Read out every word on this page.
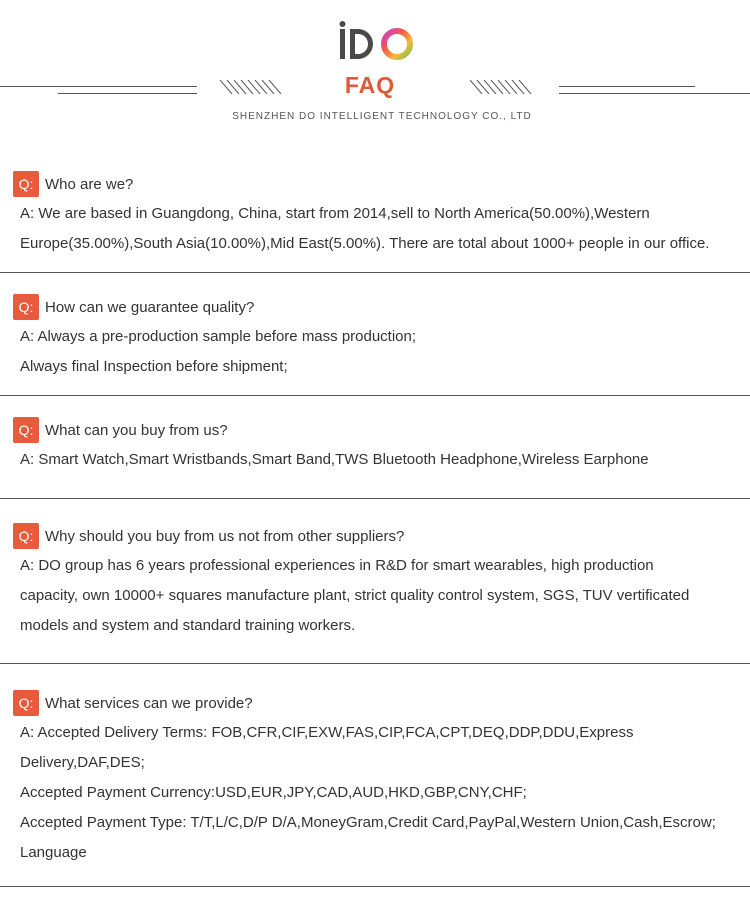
FAQ
SHENZHEN DO INTELLIGENT TECHNOLOGY CO., LTD
Q: Who are we?
A: We are based in Guangdong, China, start from 2014,sell to North America(50.00%),Western
Europe(35.00%),South Asia(10.00%),Mid East(5.00%). There are total about 1000+ people in our office.
Q: How can we guarantee quality?
A: Always a pre-production sample before mass production;
Always final Inspection before shipment;
Q: What can you buy from us?
A: Smart Watch,Smart Wristbands,Smart Band,TWS Bluetooth Headphone,Wireless Earphone
Q: Why should you buy from us not from other suppliers?
A: DO group has 6 years professional experiences in R&D for smart wearables, high production
capacity, own 10000+ squares manufacture plant, strict quality control system, SGS, TUV vertificated
models and system and standard training workers.
Q: What services can we provide?
A: Accepted Delivery Terms: FOB,CFR,CIF,EXW,FAS,CIP,FCA,CPT,DEQ,DDP,DDU,Express
Delivery,DAF,DES;
Accepted Payment Currency:USD,EUR,JPY,CAD,AUD,HKD,GBP,CNY,CHF;
Accepted Payment Type: T/T,L/C,D/P D/A,MoneyGram,Credit Card,PayPal,Western Union,Cash,Escrow;
Language
